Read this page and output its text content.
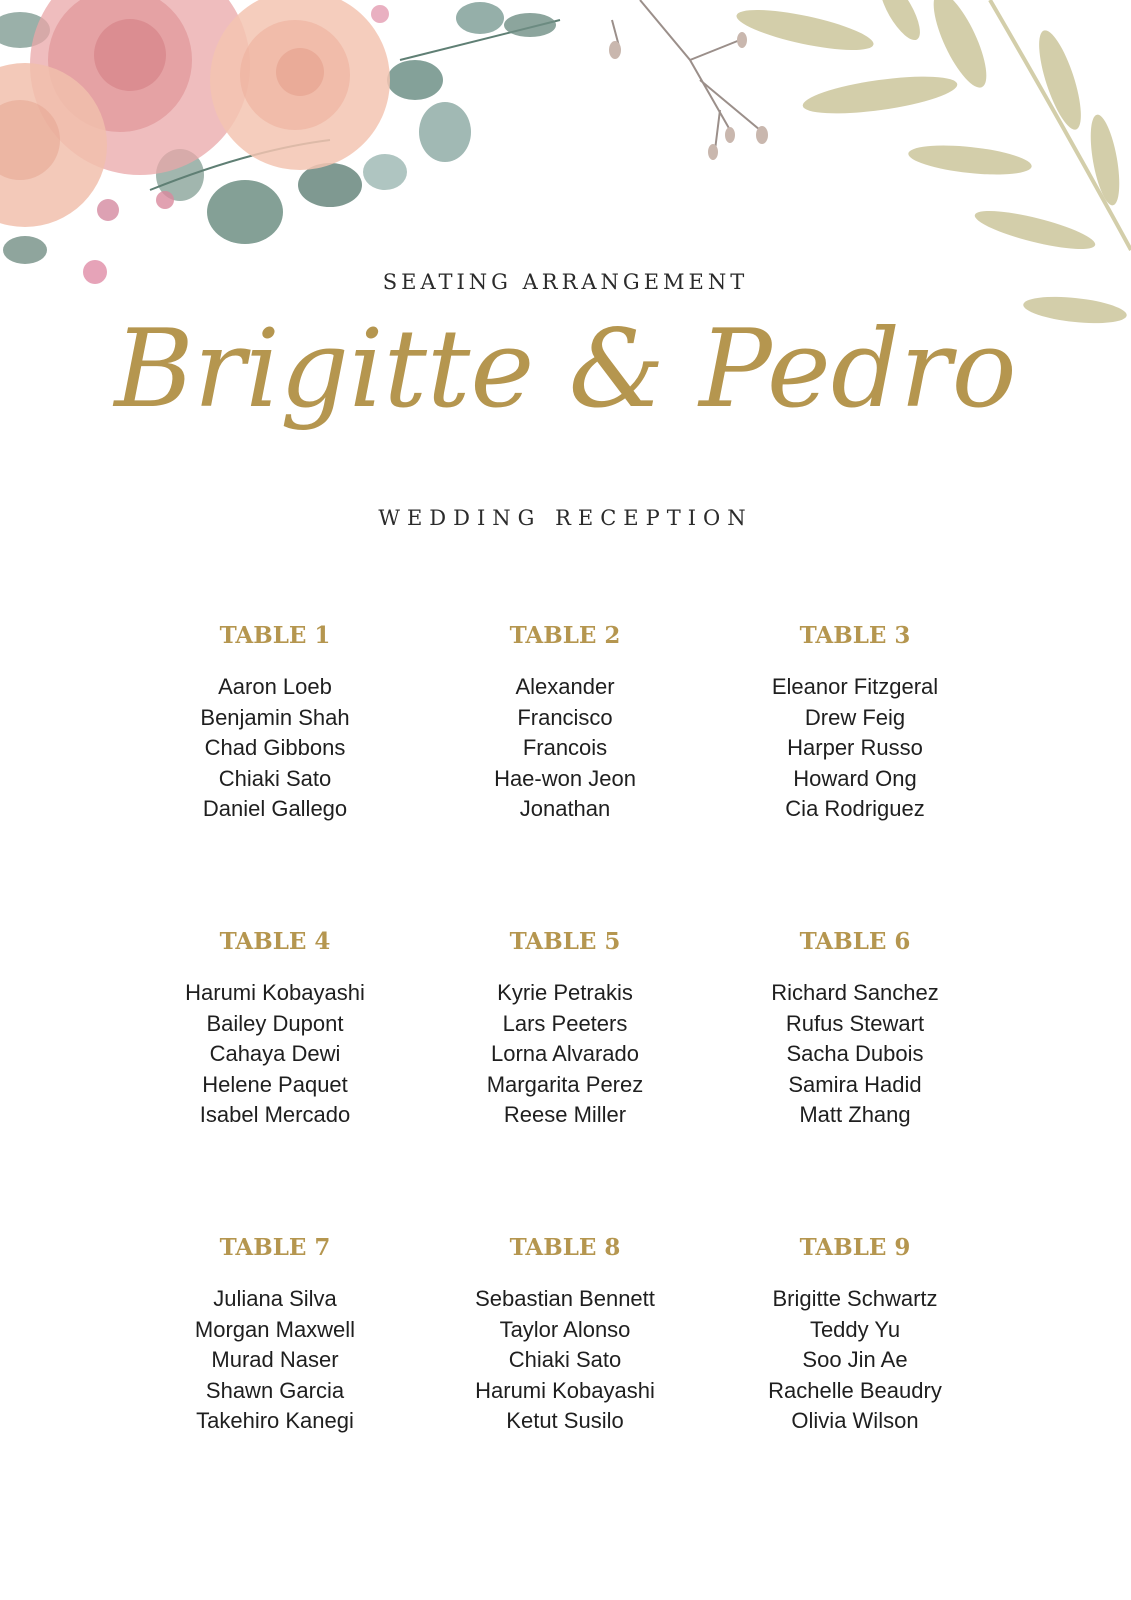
SEATING ARRANGEMENT
Brigitte & Pedro
WEDDING RECEPTION
TABLE 1
Aaron Loeb
Benjamin Shah
Chad Gibbons
Chiaki Sato
Daniel Gallego
TABLE 2
Alexander
Francisco
Francois
Hae-won Jeon
Jonathan
TABLE 3
Eleanor Fitzgeral
Drew Feig
Harper Russo
Howard Ong
Cia Rodriguez
TABLE 4
Harumi Kobayashi
Bailey Dupont
Cahaya Dewi
Helene Paquet
Isabel Mercado
TABLE 5
Kyrie Petrakis
Lars Peeters
Lorna Alvarado
Margarita Perez
Reese Miller
TABLE 6
Richard Sanchez
Rufus Stewart
Sacha Dubois
Samira Hadid
Matt Zhang
TABLE 7
Juliana Silva
Morgan Maxwell
Murad Naser
Shawn Garcia
Takehiro Kanegi
TABLE 8
Sebastian Bennett
Taylor Alonso
Chiaki Sato
Harumi Kobayashi
Ketut Susilo
TABLE 9
Brigitte Schwartz
Teddy Yu
Soo Jin Ae
Rachelle Beaudry
Olivia Wilson
